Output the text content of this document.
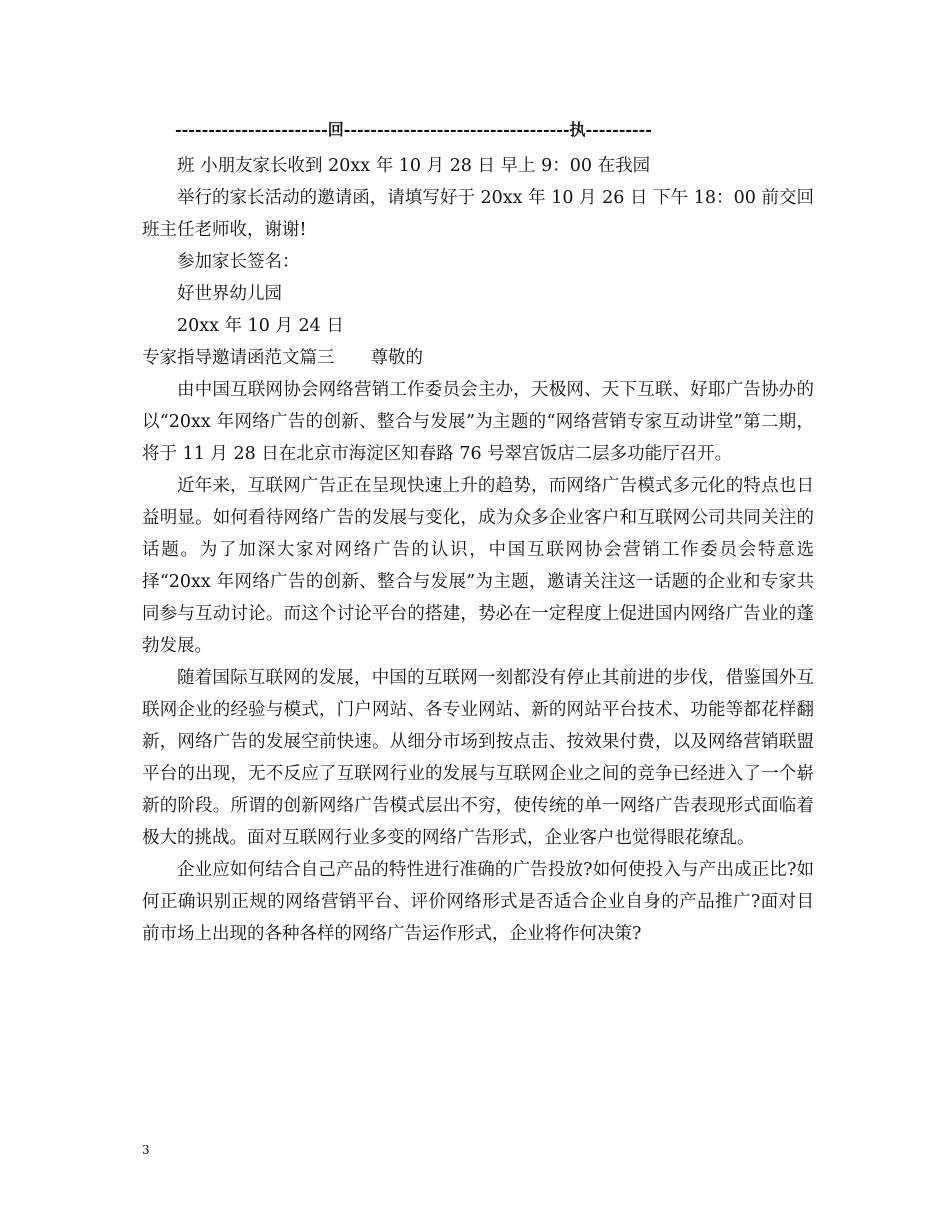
-----------------------回----------------------------------执----------
班 小朋友家长收到 20xx 年 10 月 28 日 早上 9：00 在我园

举行的家长活动的邀请函，请填写好于 20xx 年 10 月 26 日 下午 18：00 前交回班主任老师收，谢谢!

参加家长签名：
好世界幼儿园
20xx 年 10 月 24 日
专家指导邀请函范文篇三 尊敬的

由中国互联网协会网络营销工作委员会主办，天极网、天下互联、好耶广告协办的以“20xx 年网络广告的创新、整合与发展”为主题的“网络营销专家互动讲堂”第二期，将于 11 月 28 日在北京市海淀区知春路 76 号翠宫饭店二层多功能厅召开。

近年来，互联网广告正在呈现快速上升的趋势，而网络广告模式多元化的特点也日益明显。如何看待网络广告的发展与变化，成为众多企业客户和互联网公司共同关注的话题。为了加深大家对网络广告的认识，中国互联网协会营销工作委员会特意选择“20xx 年网络广告的创新、整合与发展”为主题，邀请关注这一话题的企业和专家共同参与互动讨论。而这个讨论平台的搭建，势必在一定程度上促进国内网络广告业的蓬勃发展。

随着国际互联网的发展，中国的互联网一刻都没有停止其前进的步伐，借鉴国外互联网企业的经验与模式，门户网站、各专业网站、新的网站平台技术、功能等都花样翻新，网络广告的发展空前快速。从细分市场到按点击、按效果付费，以及网络营销联盟平台的出现，无不反应了互联网行业的发展与互联网企业之间的竞争已经进入了一个崭新的阶段。所谓的创新网络广告模式层出不穷，使传统的单一网络广告表现形式面临着极大的挑战。面对互联网行业多变的网络广告形式，企业客户也觉得眼花缭乱。

企业应如何结合自己产品的特性进行准确的广告投放?如何使投入与产出成正比?如何正确识别正规的网络营销平台、评价网络形式是否适合企业自身的产品推广?面对目前市场上出现的各种各样的网络广告运作形式，企业将作何决策?

3
